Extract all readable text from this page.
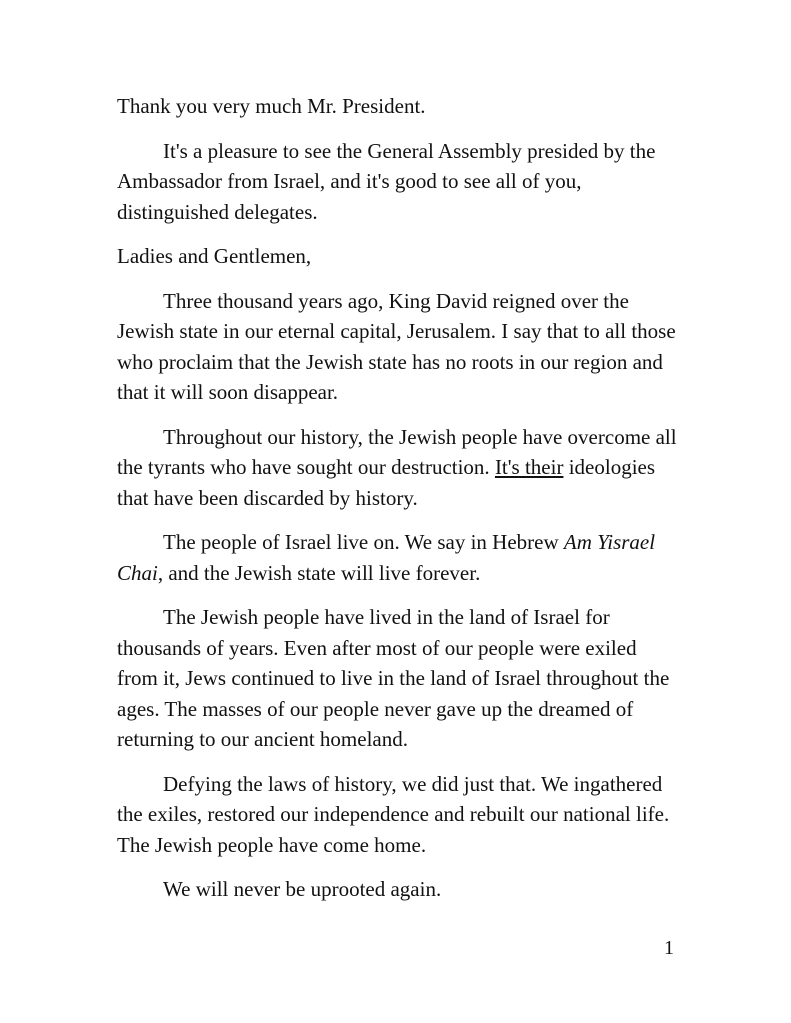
Thank you very much Mr. President.

It's a pleasure to see the General Assembly presided by the Ambassador from Israel, and it's good to see all of you, distinguished delegates.

Ladies and Gentlemen,

Three thousand years ago, King David reigned over the Jewish state in our eternal capital, Jerusalem. I say that to all those who proclaim that the Jewish state has no roots in our region and that it will soon disappear.

Throughout our history, the Jewish people have overcome all the tyrants who have sought our destruction. It's their ideologies that have been discarded by history.

The people of Israel live on. We say in Hebrew Am Yisrael Chai, and the Jewish state will live forever.

The Jewish people have lived in the land of Israel for thousands of years. Even after most of our people were exiled from it, Jews continued to live in the land of Israel throughout the ages. The masses of our people never gave up the dreamed of returning to our ancient homeland.

Defying the laws of history, we did just that. We ingathered the exiles, restored our independence and rebuilt our national life. The Jewish people have come home.

We will never be uprooted again.

1
